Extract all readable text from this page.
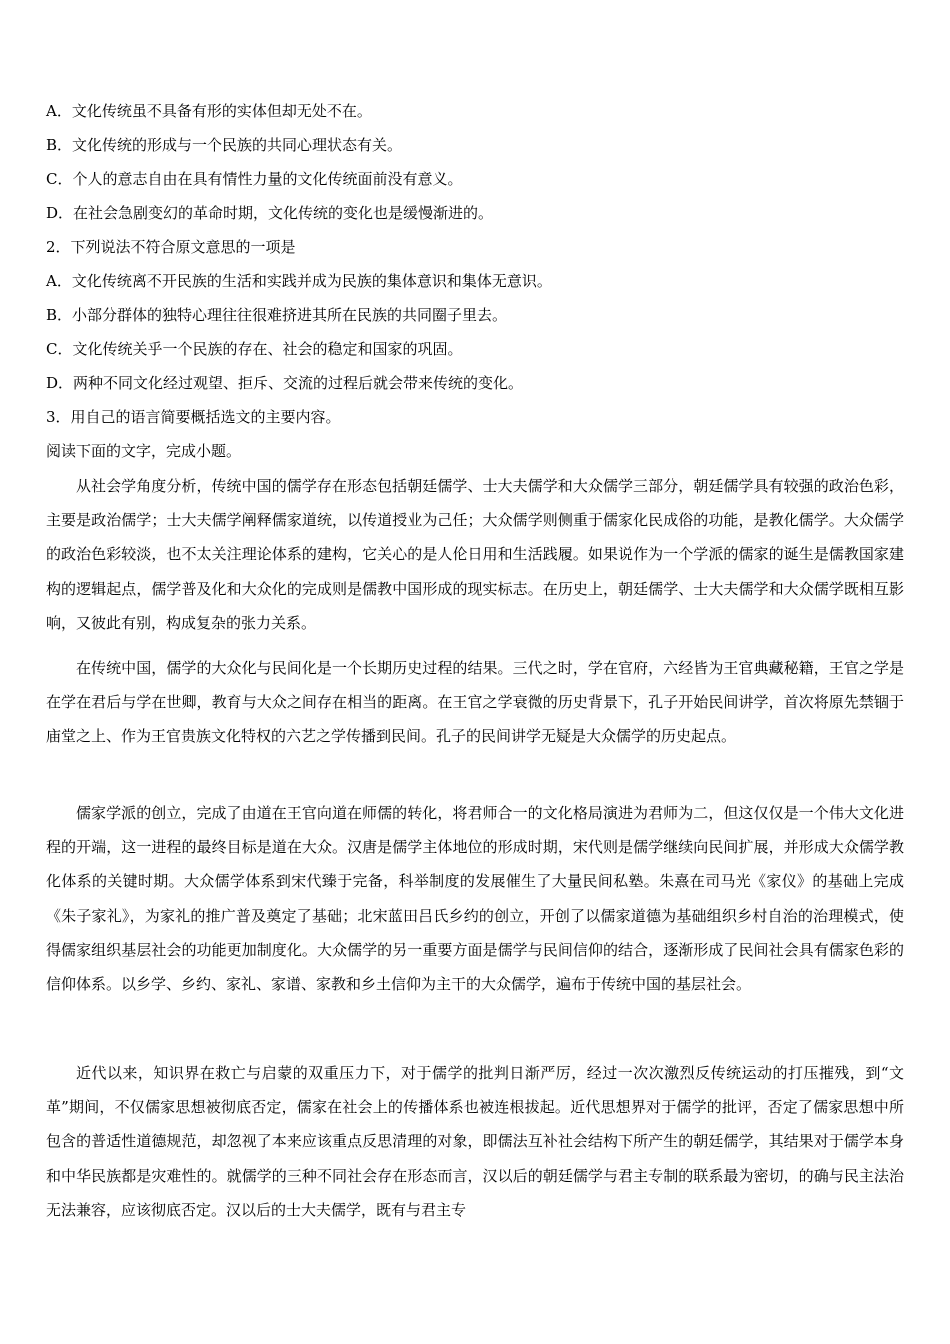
A．文化传统虽不具备有形的实体但却无处不在。
B．文化传统的形成与一个民族的共同心理状态有关。
C．个人的意志自由在具有情性力量的文化传统面前没有意义。
D．在社会急剧变幻的革命时期，文化传统的变化也是缓慢渐进的。
2．下列说法不符合原文意思的一项是
A．文化传统离不开民族的生活和实践并成为民族的集体意识和集体无意识。
B．小部分群体的独特心理往往很难挤进其所在民族的共同圈子里去。
C．文化传统关乎一个民族的存在、社会的稳定和国家的巩固。
D．两种不同文化经过观望、拒斥、交流的过程后就会带来传统的变化。
3．用自己的语言简要概括选文的主要内容。
阅读下面的文字，完成小题。
从社会学角度分析，传统中国的儒学存在形态包括朝廷儒学、士大夫儒学和大众儒学三部分，朝廷儒学具有较强的政治色彩，主要是政治儒学；士大夫儒学阐释儒家道统，以传道授业为己任；大众儒学则侧重于儒家化民成俗的功能，是教化儒学。大众儒学的政治色彩较淡，也不太关注理论体系的建构，它关心的是人伦日用和生活践履。如果说作为一个学派的儒家的诞生是儒教国家建构的逻辑起点，儒学普及化和大众化的完成则是儒教中国形成的现实标志。在历史上，朝廷儒学、士大夫儒学和大众儒学既相互影响，又彼此有别，构成复杂的张力关系。
在传统中国，儒学的大众化与民间化是一个长期历史过程的结果。三代之时，学在官府，六经皆为王官典藏秘籍，王官之学是在学在君后与学在世卿，教育与大众之间存在相当的距离。在王官之学衰微的历史背景下，孔子开始民间讲学，首次将原先禁锢于庙堂之上、作为王官贵族文化特权的六艺之学传播到民间。孔子的民间讲学无疑是大众儒学的历史起点。
儒家学派的创立，完成了由道在王官向道在师儒的转化，将君师合一的文化格局演进为君师为二，但这仅仅是一个伟大文化进程的开端，这一进程的最终目标是道在大众。汉唐是儒学主体地位的形成时期，宋代则是儒学继续向民间扩展，并形成大众儒学教化体系的关键时期。大众儒学体系到宋代臻于完备，科举制度的发展催生了大量民间私塾。朱熹在司马光《家仪》的基础上完成《朱子家礼》，为家礼的推广普及奠定了基础；北宋蓝田吕氏乡约的创立，开创了以儒家道德为基础组织乡村自治的治理模式，使得儒家组织基层社会的功能更加制度化。大众儒学的另一重要方面是儒学与民间信仰的结合，逐渐形成了民间社会具有儒家色彩的信仰体系。以乡学、乡约、家礼、家谱、家教和乡土信仰为主干的大众儒学，遍布于传统中国的基层社会。
近代以来，知识界在救亡与启蒙的双重压力下，对于儒学的批判日渐严厉，经过一次次激烈反传统运动的打压摧残，到“文革”期间，不仅儒家思想被彻底否定，儒家在社会上的传播体系也被连根拔起。近代思想界对于儒学的批评，否定了儒家思想中所包含的普适性道德规范，却忽视了本来应该重点反思清理的对象，即儒法互补社会结构下所产生的朝廷儒学，其结果对于儒学本身和中华民族都是灾难性的。就儒学的三种不同社会存在形态而言，汉以后的朝廷儒学与君主专制的联系最为密切，的确与民主法治无法兼容，应该彻底否定。汉以后的士大夫儒学，既有与君主专
